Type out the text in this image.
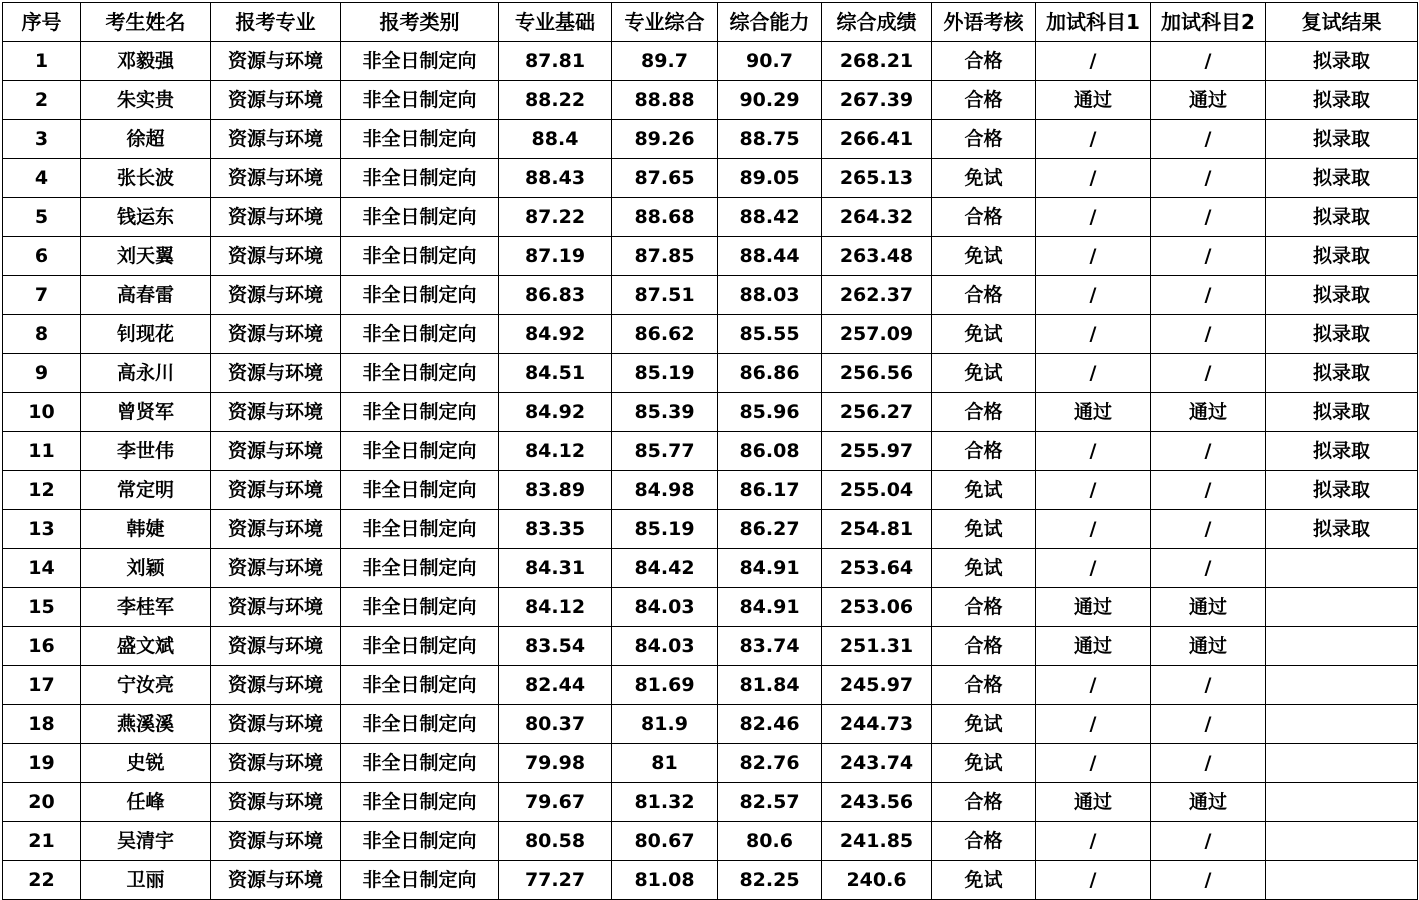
序号	考生姓名	报考专业	报考类别	专业基础	专业综合	综合能力	综合成绩	外语考核	加试科目1	加试科目2	复试结果
1	邓毅强	资源与环境	非全日制定向	87.81	89.7	90.7	268.21	合格	/	/	拟录取
2	朱实贵	资源与环境	非全日制定向	88.22	88.88	90.29	267.39	合格	通过	通过	拟录取
3	徐超	资源与环境	非全日制定向	88.4	89.26	88.75	266.41	合格	/	/	拟录取
4	张长波	资源与环境	非全日制定向	88.43	87.65	89.05	265.13	免试	/	/	拟录取
5	钱运东	资源与环境	非全日制定向	87.22	88.68	88.42	264.32	合格	/	/	拟录取
6	刘天翼	资源与环境	非全日制定向	87.19	87.85	88.44	263.48	免试	/	/	拟录取
7	高春雷	资源与环境	非全日制定向	86.83	87.51	88.03	262.37	合格	/	/	拟录取
8	钊现花	资源与环境	非全日制定向	84.92	86.62	85.55	257.09	免试	/	/	拟录取
9	高永川	资源与环境	非全日制定向	84.51	85.19	86.86	256.56	免试	/	/	拟录取
10	曾贤军	资源与环境	非全日制定向	84.92	85.39	85.96	256.27	合格	通过	通过	拟录取
11	李世伟	资源与环境	非全日制定向	84.12	85.77	86.08	255.97	合格	/	/	拟录取
12	常定明	资源与环境	非全日制定向	83.89	84.98	86.17	255.04	免试	/	/	拟录取
13	韩婕	资源与环境	非全日制定向	83.35	85.19	86.27	254.81	免试	/	/	拟录取
14	刘颖	资源与环境	非全日制定向	84.31	84.42	84.91	253.64	免试	/	/	
15	李桂军	资源与环境	非全日制定向	84.12	84.03	84.91	253.06	合格	通过	通过	
16	盛文斌	资源与环境	非全日制定向	83.54	84.03	83.74	251.31	合格	通过	通过	
17	宁汝亮	资源与环境	非全日制定向	82.44	81.69	81.84	245.97	合格	/	/	
18	燕溪溪	资源与环境	非全日制定向	80.37	81.9	82.46	244.73	免试	/	/	
19	史锐	资源与环境	非全日制定向	79.98	81	82.76	243.74	免试	/	/	
20	任峰	资源与环境	非全日制定向	79.67	81.32	82.57	243.56	合格	通过	通过	
21	吴清宇	资源与环境	非全日制定向	80.58	80.67	80.6	241.85	合格	/	/	
22	卫丽	资源与环境	非全日制定向	77.27	81.08	82.25	240.6	免试	/	/	
